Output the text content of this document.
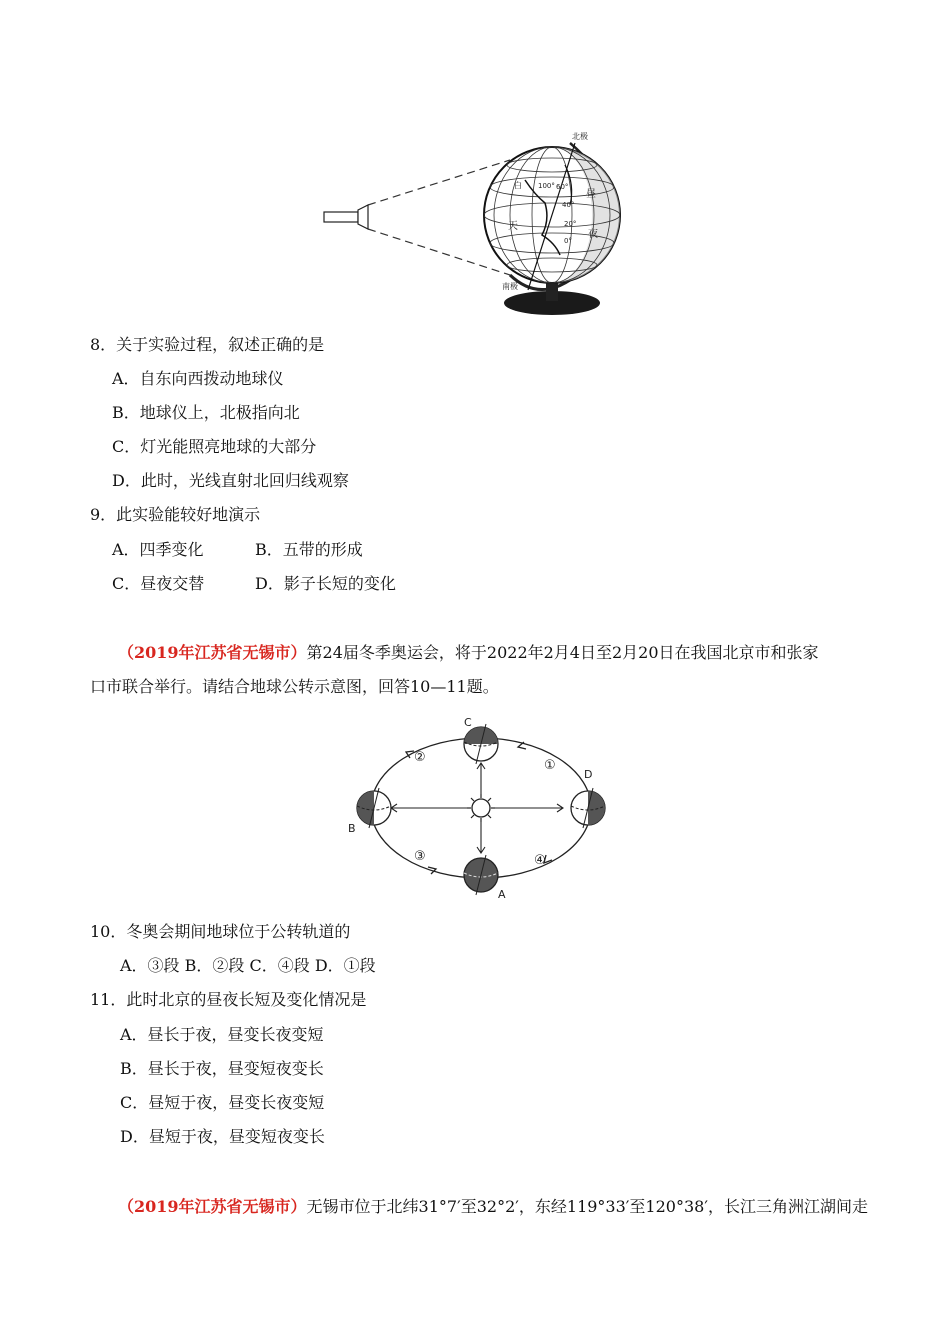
北极
南极
100° 60°
40°
20°
0°
白
天
昼
夜
8．关于实验过程，叙述正确的是
A．自东向西拨动地球仪
B．地球仪上，北极指向北
C．灯光能照亮地球的大部分
D．此时，光线直射北回归线观察
9．此实验能较好地演示
A．四季变化	B．五带的形成
C．昼夜交替	D．影子长短的变化
（2019年江苏省无锡市）第24届冬季奥运会，将于2022年2月4日至2月20日在我国北京市和张家
口市联合举行。请结合地球公转示意图，回答10—11题。
C
B
D
A
①
②
③	④
10．冬奥会期间地球位于公转轨道的
A．③段 B．②段 C．④段 D．①段
11．此时北京的昼夜长短及变化情况是
A．昼长于夜，昼变长夜变短
B．昼长于夜，昼变短夜变长
C．昼短于夜，昼变长夜变短
D．昼短于夜，昼变短夜变长
（2019年江苏省无锡市）无锡市位于北纬31°7′至32°2′，东经119°33′至120°38′，长江三角洲江湖间走
